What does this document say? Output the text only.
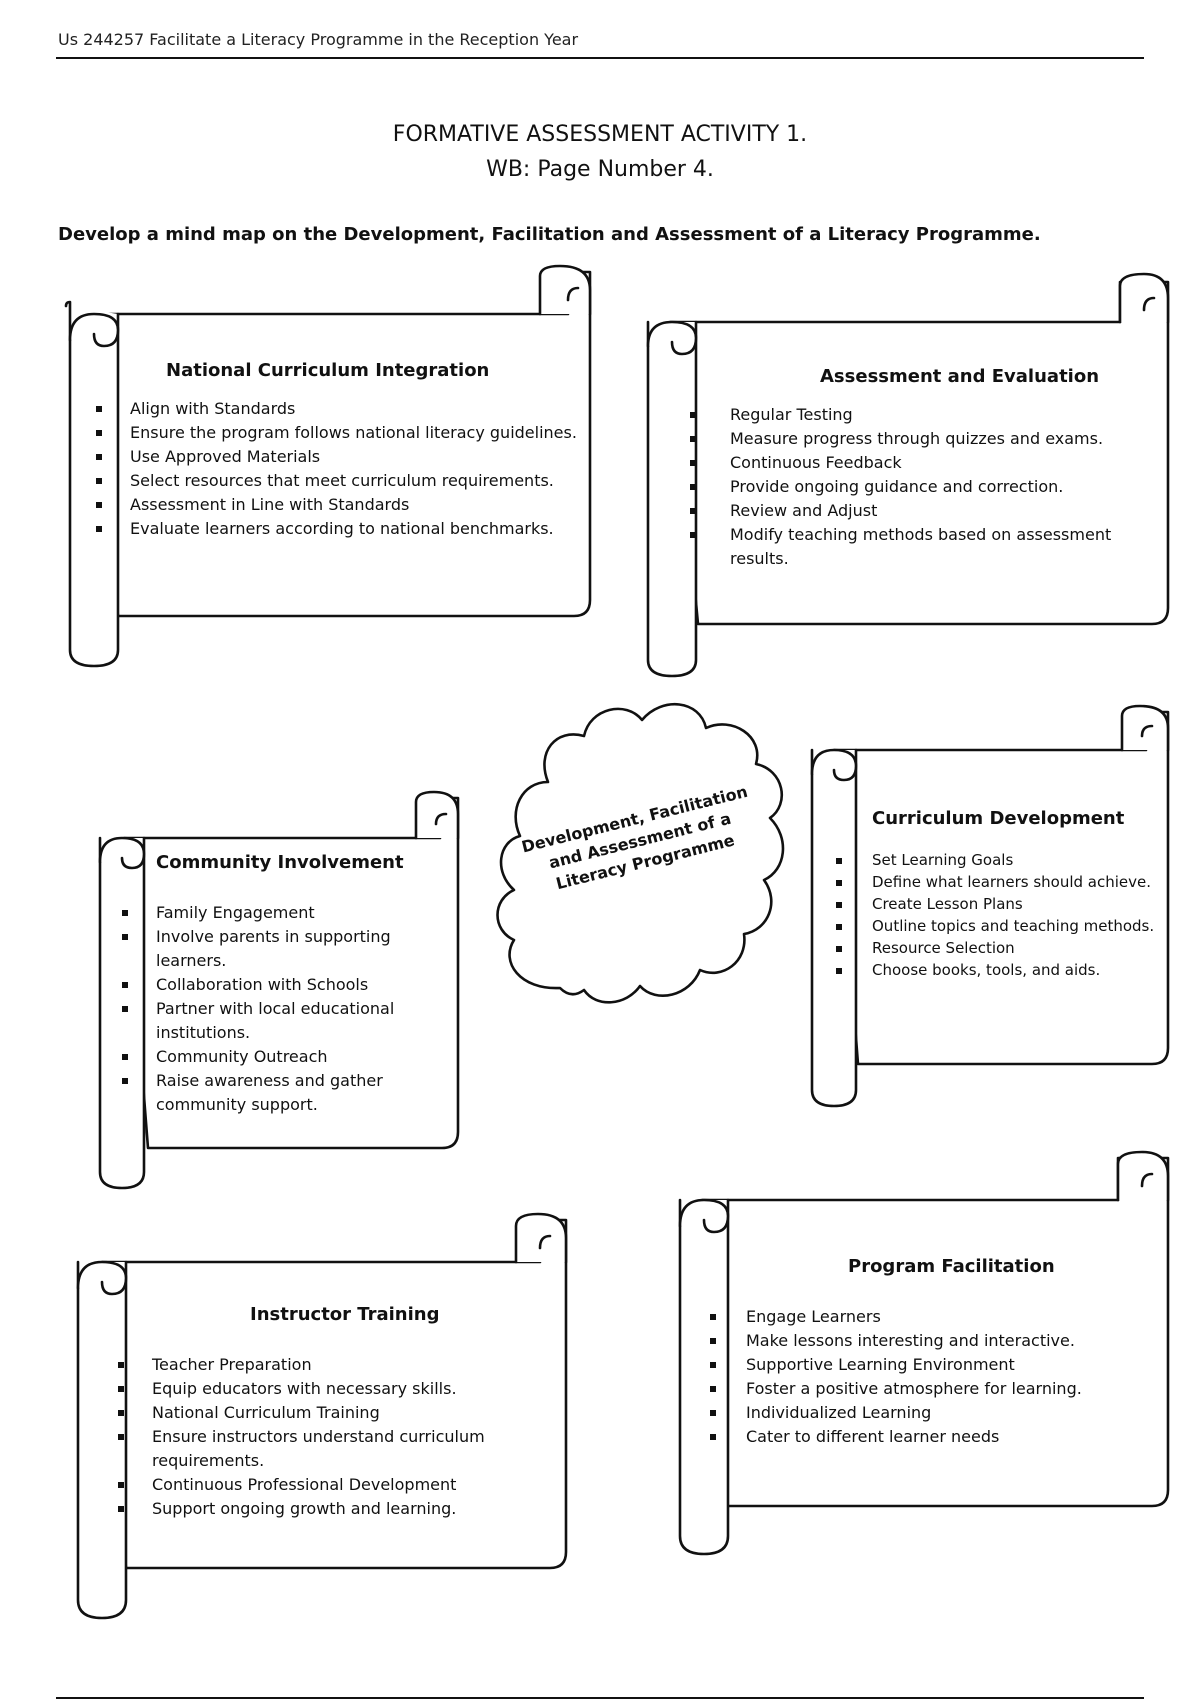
Us 244257 Facilitate a Literacy Programme in the Reception Year
FORMATIVE ASSESSMENT ACTIVITY 1.
WB: Page Number 4.
Develop a mind map on the Development, Facilitation and Assessment of a Literacy Programme.
Development, Facilitation and Assessment of a Literacy Programme
National Curriculum Integration
Align with Standards
Ensure the program follows national literacy guidelines.
Use Approved Materials
Select resources that meet curriculum requirements.
Assessment in Line with Standards
Evaluate learners according to national benchmarks.
Assessment and Evaluation
Regular Testing
Measure progress through quizzes and exams.
Continuous Feedback
Provide ongoing guidance and correction.
Review and Adjust
Modify teaching methods based on assessment results.
Community Involvement
Family Engagement
Involve parents in supporting learners.
Collaboration with Schools
Partner with local educational institutions.
Community Outreach
Raise awareness and gather community support.
Curriculum Development
Set Learning Goals
Define what learners should achieve.
Create Lesson Plans
Outline topics and teaching methods.
Resource Selection
Choose books, tools, and aids.
Instructor Training
Teacher Preparation
Equip educators with necessary skills.
National Curriculum Training
Ensure instructors understand curriculum requirements.
Continuous Professional Development
Support ongoing growth and learning.
Program Facilitation
Engage Learners
Make lessons interesting and interactive.
Supportive Learning Environment
Foster a positive atmosphere for learning.
Individualized Learning
Cater to different learner needs
